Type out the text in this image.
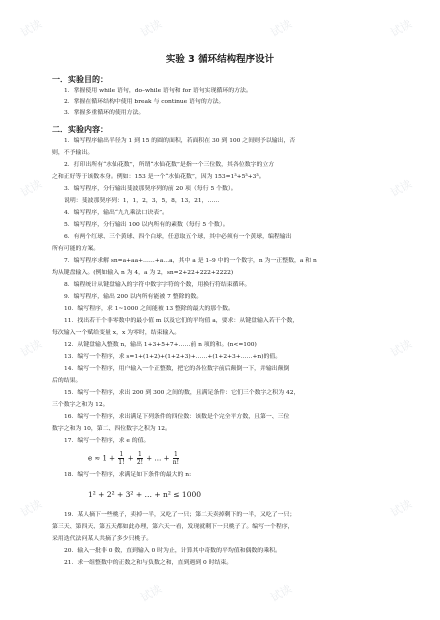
试读	试读	试读	试读
试读	试读
试读	试读
试读
试读	试读
试读
实验 3 循环结构程序设计
一．实验目的：
1．掌握使用 while 语句，do–while 语句和 for 语句实现循环的方法。
2．掌握在循环结构中使用 break 与 continue 语句的方法。
3．掌握多重循环的使用方法。
二．实验内容：
1．编写程序输出半径为 1 到 15 的圆的面积，若面积在 30 到 100 之间则予以输出，否
则，不予输出。
2．打印出所有“水仙花数”，所谓“水仙花数”是指一个三位数，其各位数字的立方
之和正好等于该数本身。例如：153 是一个“水仙花数”，因为 153=1³+5³+3³。
3．编写程序，分行输出斐波那契序列的前 20 项（每行 5 个数）。
说明：斐波那契序列：1，1，2，3，5，8，13，21，……
4．编写程序，输出“九九乘法口诀表”。
5．编写程序，分行输出 100 以内所有的素数（每行 5 个数）。
6．有两个红球、三个黄球、四个白球，任意取五个球，其中必须有一个黄球，编程输出
所有可能的方案。
7．编写程序求解 sn=a+aa+……+a…a，其中 a 是 1–9 中的一个数字，n 为一正整数，a 和 n
均从键盘输入。(例如输入 n 为 4，a 为 2，sn=2+22+222+2222)
8．编程统计从键盘输入的字符中数字字符的个数，用换行符结束循环。
9．编写程序，输出 200 以内所有能被 7 整除的数。
10．编写程序，求 1~1000 之间能被 13 整除的最大的那个数。
11．找出若干个非零数中的最小值 m 以及它们的平均值 a，要求：从键盘输入若干个数，
每次输入一个赋给变量 x，x 为零时，结束输入。
12．从键盘输入整数 n，输出 1+3+5+7+……前 n 项的和。(n<=100)
13．编写一个程序，求 s=1+(1+2)+(1+2+3)+……+(1+2+3+……+n)的值。
14．编写一个程序，用户输入一个正整数，把它的各位数字前后颠倒一下，并输出颠倒
后的结果。
15．编写一个程序，求出 200 到 300 之间的数，且满足条件：它们三个数字之积为 42，
三个数字之和为 12。
16．编写一个程序，求出满足下列条件的四位数：该数是个完全平方数，且第一、三位
数字之和为 10，第二、四位数字之积为 12。
17．编写一个程序，求 e 的值。
$e \approx 1 + \frac{1}{1!} + \frac{1}{2!}$ + … + $\frac{1}{n!}$
18．编写一个程序，求满足如下条件的最大的 n:
1² + 2² + 3² + … + n² ≤ 1000
19．某人摘下一些桃子，卖掉一半，又吃了一只；第二天卖掉剩下的一半，又吃了一只；
第三天、第四天、第五天都如此办理，第六天一看，发现就剩下一只桃子了。编写一个程序，
采用迭代法问某人共摘了多少只桃子。
20．输入一批非 0 数，直到输入 0 时为止，计算其中奇数的平均值和偶数的乘积。
21．求一组整数中的正数之和与负数之和，直到遇到 0 时结束。
